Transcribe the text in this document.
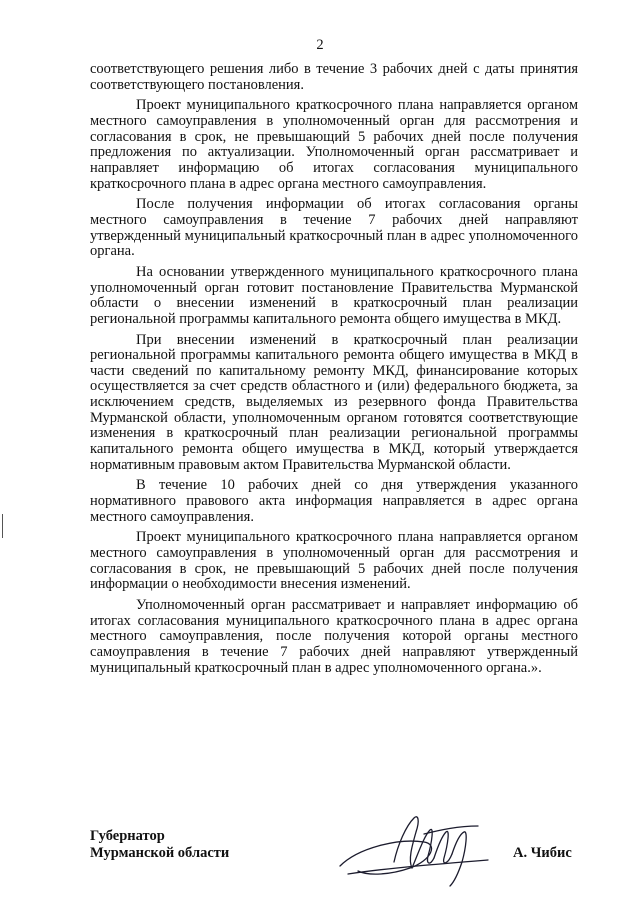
2

соответствующего решения либо в течение 3 рабочих дней с даты принятия соответствующего постановления.

Проект муниципального краткосрочного плана направляется органом местного самоуправления в уполномоченный орган для рассмотрения и согласования в срок, не превышающий 5 рабочих дней после получения предложения по актуализации. Уполномоченный орган рассматривает и направляет информацию об итогах согласования муниципального краткосрочного плана в адрес органа местного самоуправления.

После получения информации об итогах согласования органы местного самоуправления в течение 7 рабочих дней направляют утвержденный муниципальный краткосрочный план в адрес уполномоченного органа.

На основании утвержденного муниципального краткосрочного плана уполномоченный орган готовит постановление Правительства Мурманской области о внесении изменений в краткосрочный план реализации региональной программы капитального ремонта общего имущества в МКД.

При внесении изменений в краткосрочный план реализации региональной программы капитального ремонта общего имущества в МКД в части сведений по капитальному ремонту МКД, финансирование которых осуществляется за счет средств областного и (или) федерального бюджета, за исключением средств, выделяемых из резервного фонда Правительства Мурманской области, уполномоченным органом готовятся соответствующие изменения в краткосрочный план реализации региональной программы капитального ремонта общего имущества в МКД, который утверждается нормативным правовым актом Правительства Мурманской области.

В течение 10 рабочих дней со дня утверждения указанного нормативного правового акта информация направляется в адрес органа местного самоуправления.

Проект муниципального краткосрочного плана направляется органом местного самоуправления в уполномоченный орган для рассмотрения и согласования в срок, не превышающий 5 рабочих дней после получения информации о необходимости внесения изменений.

Уполномоченный орган рассматривает и направляет информацию об итогах согласования муниципального краткосрочного плана в адрес органа местного самоуправления, после получения которой органы местного самоуправления в течение 7 рабочих дней направляют утвержденный муниципальный краткосрочный план в адрес уполномоченного органа.».

Губернатор
Мурманской области	А. Чибис
